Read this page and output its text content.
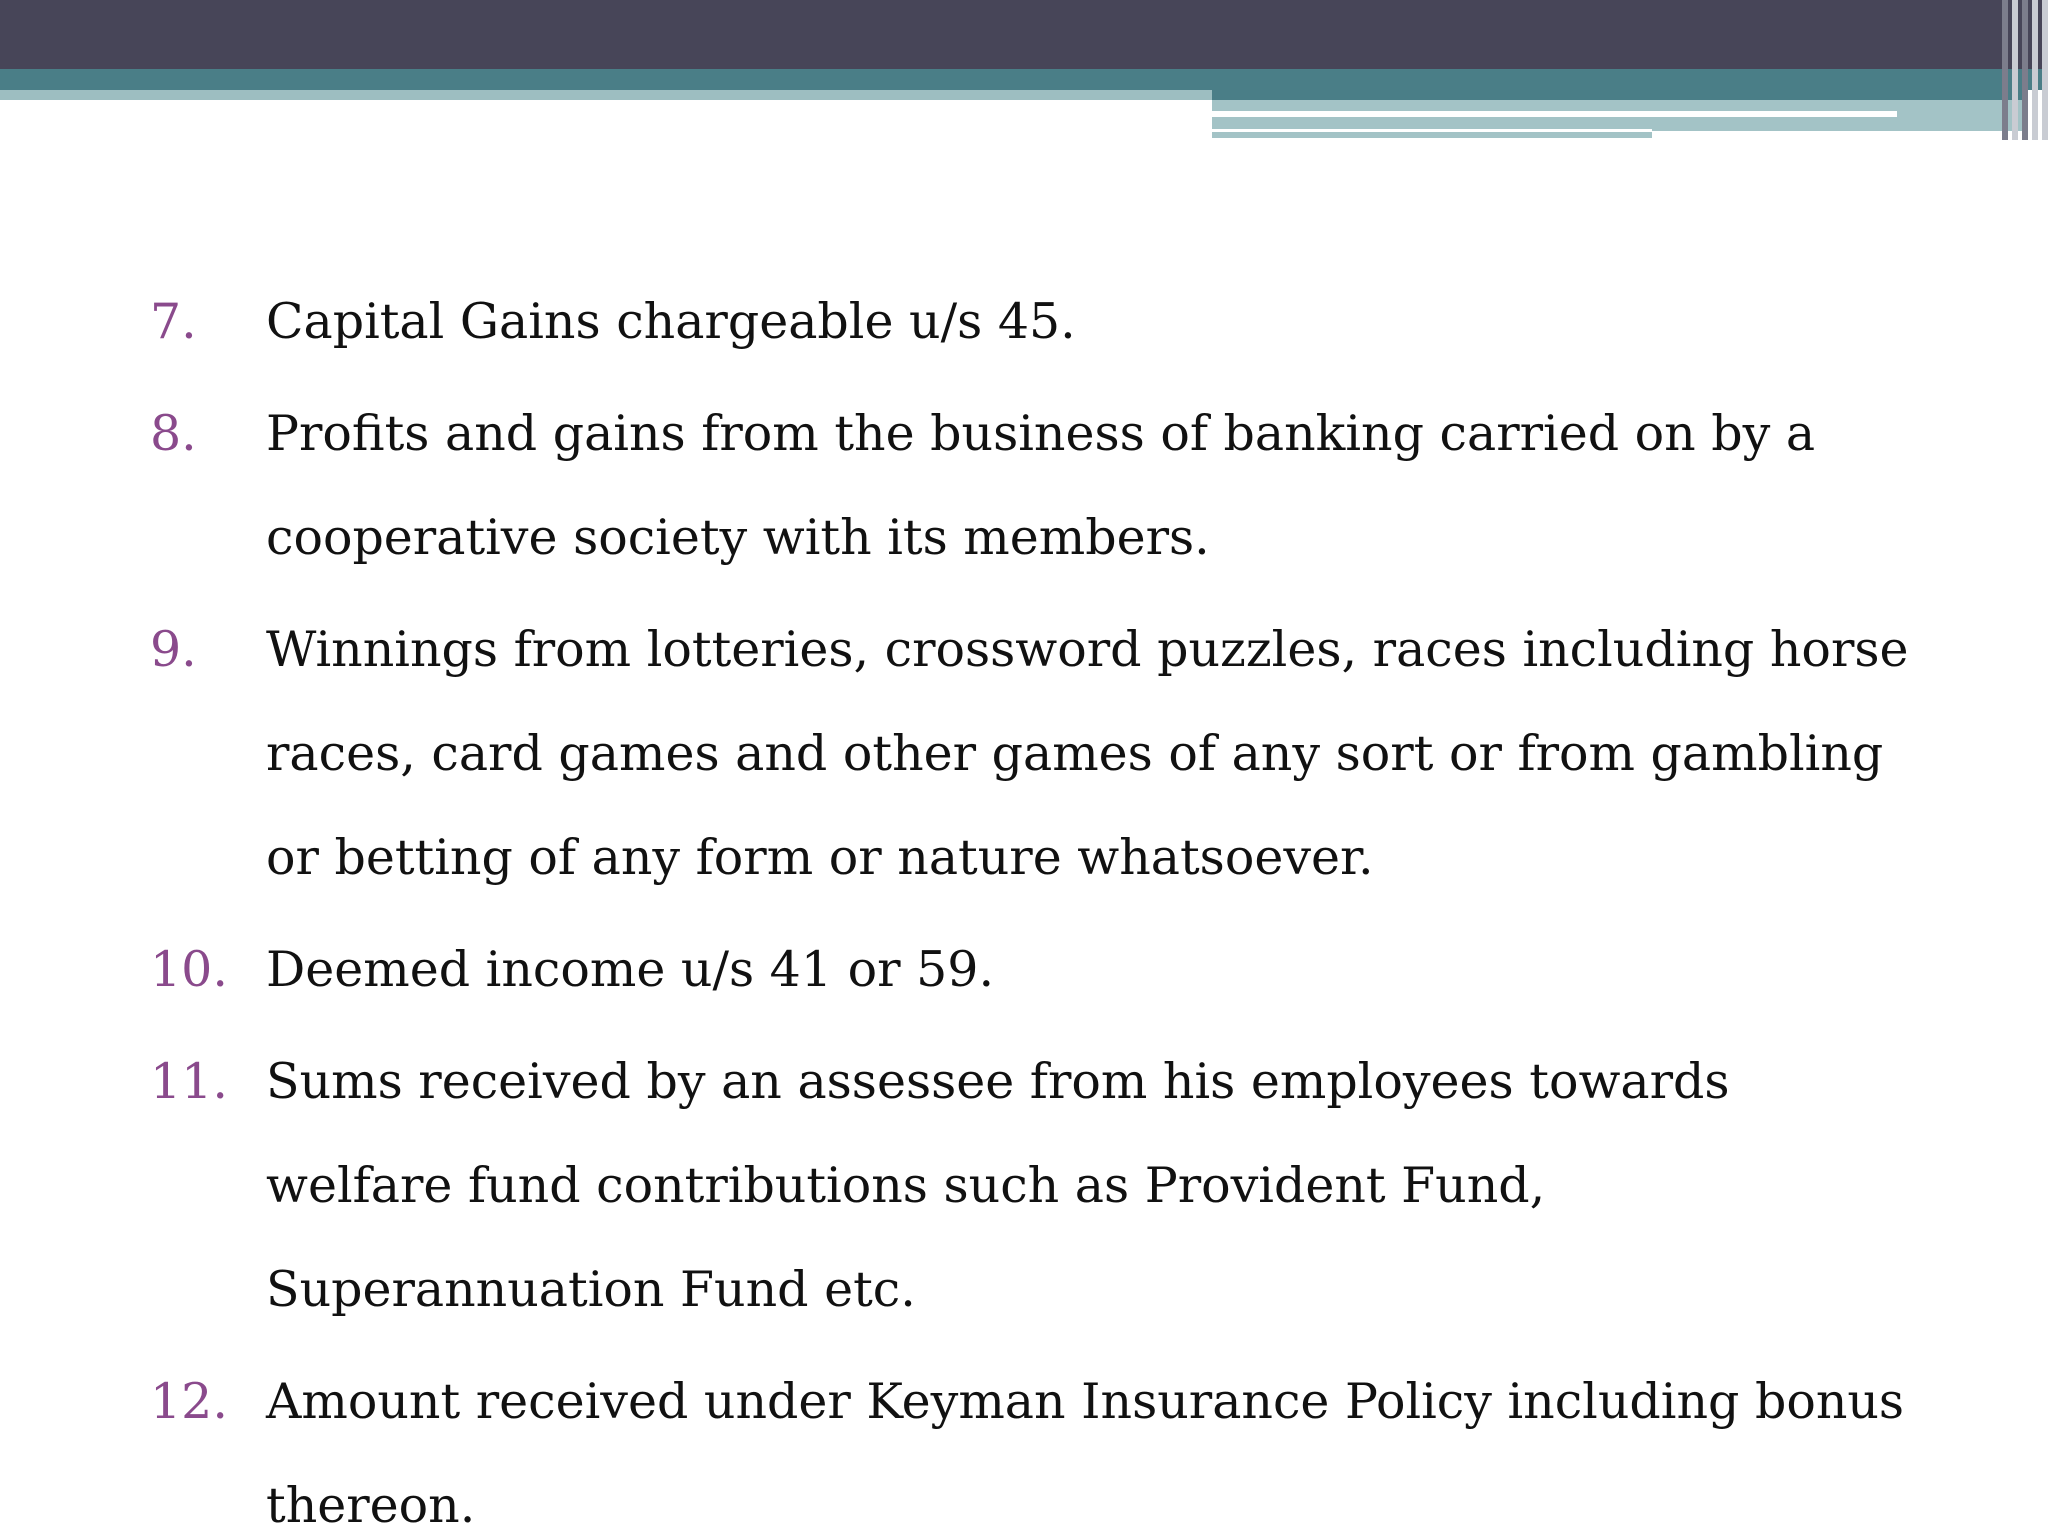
7.	Capital Gains chargeable u/s 45.
8.	Profits and gains from the business of banking carried on by a cooperative society with its members.
9.	Winnings from lotteries, crossword puzzles, races including horse races, card games and other games of any sort or from gambling or betting of any form or nature whatsoever.
10. Deemed income u/s 41 or 59.
11. Sums received by an assessee from his employees towards welfare fund contributions such as Provident Fund, Superannuation Fund etc.
12. Amount received under Keyman Insurance Policy including bonus thereon.
